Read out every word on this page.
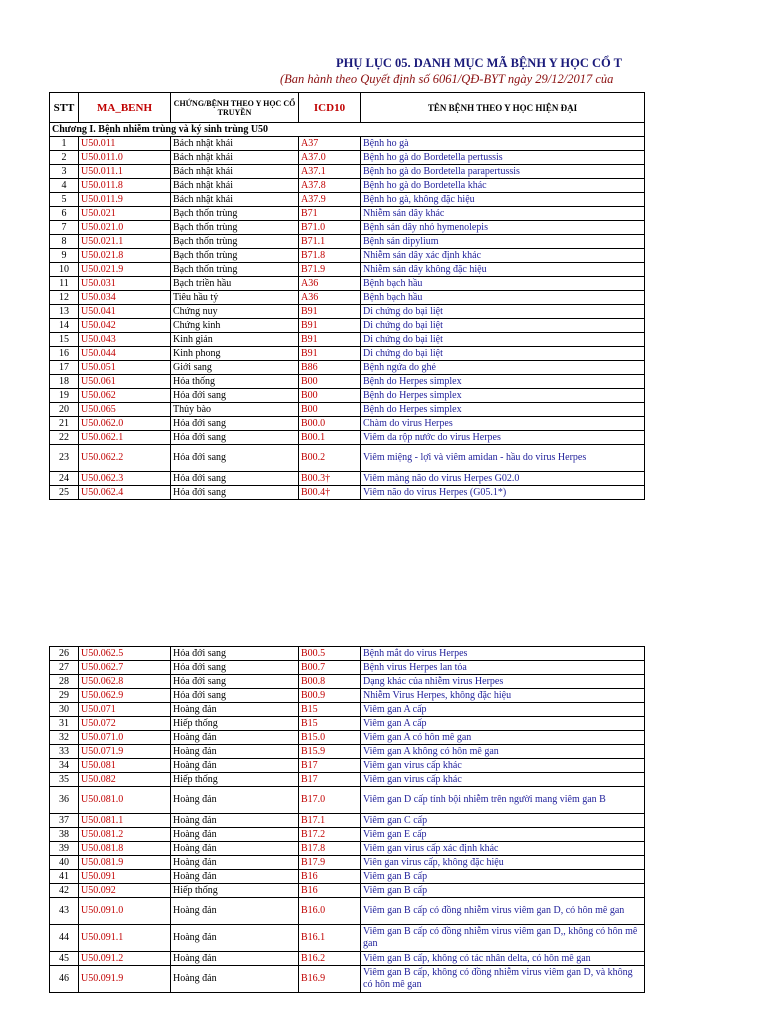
PHỤ LỤC 05. DANH MỤC MÃ BỆNH Y HỌC CỔ T
(Ban hành theo Quyết định số 6061/QĐ-BYT ngày 29/12/2017 của
STT	MA_BENH	CHỨNG/BỆNH THEO Y HỌC CỔ TRUYỀN	ICD10	TÊN BỆNH THEO Y HỌC HIỆN ĐẠI
Chương I. Bệnh nhiễm trùng và ký sinh trùng U50				
1	U50.011	Bách nhật khái	A37	Bệnh ho gà
2	U50.011.0	Bách nhật khái	A37.0	Bệnh ho gà do Bordetella pertussis
3	U50.011.1	Bách nhật khái	A37.1	Bệnh ho gà do Bordetella parapertussis
4	U50.011.8	Bách nhật khái	A37.8	Bệnh ho gà do Bordetella khác
5	U50.011.9	Bách nhật khái	A37.9	Bệnh ho gà, không đặc hiệu
6	U50.021	Bạch thốn trùng	B71	Nhiễm sán dây khác
7	U50.021.0	Bạch thốn trùng	B71.0	Bệnh sán dây nhỏ hymenolepis
8	U50.021.1	Bạch thốn trùng	B71.1	Bệnh sán dipylium
9	U50.021.8	Bạch thốn trùng	B71.8	Nhiễm sán dây xác định khác
10	U50.021.9	Bạch thốn trùng	B71.9	Nhiễm sán dây không đặc hiệu
11	U50.031	Bạch triền hầu	A36	Bệnh bạch hầu
12	U50.034	Tiêu hầu tý	A36	Bệnh bạch hầu
13	U50.041	Chứng nuy	B91	Di chứng do bại liệt
14	U50.042	Chứng kinh	B91	Di chứng do bại liệt
15	U50.043	Kinh giản	B91	Di chứng do bại liệt
16	U50.044	Kinh phong	B91	Di chứng do bại liệt
17	U50.051	Giới sang	B86	Bệnh ngứa do ghẻ
18	U50.061	Hỏa thống	B00	Bệnh do Herpes simplex
19	U50.062	Hỏa đới sang	B00	Bệnh do Herpes simplex
20	U50.065	Thủy bào	B00	Bệnh do Herpes simplex
21	U50.062.0	Hỏa đới sang	B00.0	Chàm do virus Herpes
22	U50.062.1	Hỏa đới sang	B00.1	Viêm da rộp nước do virus Herpes
23	U50.062.2	Hỏa đới sang	B00.2	Viêm miệng - lợi và viêm amidan - hầu do virus Herpes
24	U50.062.3	Hỏa đới sang	B00.3†	Viêm màng não do virus Herpes G02.0
25	U50.062.4	Hỏa đới sang	B00.4†	Viêm não do virus Herpes (G05.1*)
26	U50.062.5	Hỏa đới sang	B00.5	Bệnh mắt do virus Herpes
27	U50.062.7	Hỏa đới sang	B00.7	Bệnh virus Herpes lan tỏa
28	U50.062.8	Hỏa đới sang	B00.8	Dạng khác của nhiễm virus Herpes
29	U50.062.9	Hỏa đới sang	B00.9	Nhiễm Virus Herpes, không đặc hiệu
30	U50.071	Hoàng đản	B15	Viêm gan A cấp
31	U50.072	Hiếp thống	B15	Viêm gan A cấp
32	U50.071.0	Hoàng đản	B15.0	Viêm gan A có hôn mê gan
33	U50.071.9	Hoàng đản	B15.9	Viêm gan A không có hôn mê gan
34	U50.081	Hoàng đản	B17	Viêm gan virus cấp khác
35	U50.082	Hiếp thống	B17	Viêm gan virus cấp khác
36	U50.081.0	Hoàng đản	B17.0	Viêm gan D cấp tính bội nhiễm trên người mang viêm gan B
37	U50.081.1	Hoàng đản	B17.1	Viêm gan C cấp
38	U50.081.2	Hoàng đản	B17.2	Viêm gan E cấp
39	U50.081.8	Hoàng đản	B17.8	Viêm gan virus cấp xác định khác
40	U50.081.9	Hoàng đản	B17.9	Viên gan virus cấp, không đặc hiệu
41	U50.091	Hoàng đản	B16	Viêm gan B cấp
42	U50.092	Hiếp thống	B16	Viêm gan B cấp
43	U50.091.0	Hoàng đản	B16.0	Viêm gan B cấp có đồng nhiễm virus viêm gan D, có hôn mê gan
44	U50.091.1	Hoàng đản	B16.1	Viêm gan B cấp có đồng nhiễm virus viêm gan D,, không có hôn mê gan
45	U50.091.2	Hoàng đản	B16.2	Viêm gan B cấp, không có tác nhân delta, có hôn mê gan
46	U50.091.9	Hoàng đản	B16.9	Viêm gan B cấp, không có đồng nhiễm virus viêm gan D, và không có hôn mê gan
